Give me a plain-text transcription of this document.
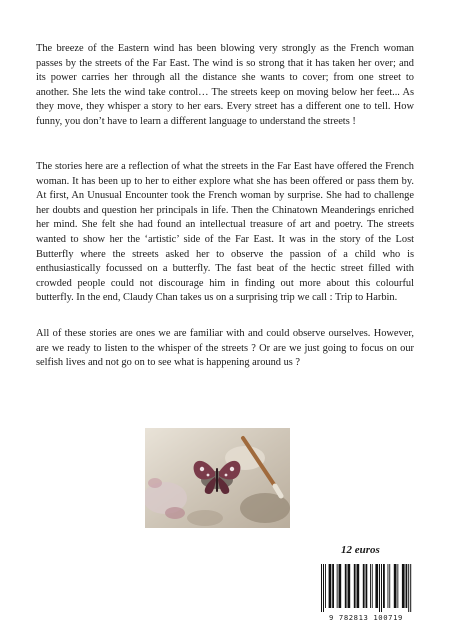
The breeze of the Eastern wind has been blowing very strongly as the French woman passes by the streets of the Far East. The wind is so strong that it has taken her over; and its power carries her through all the distance she wants to cover; from one street to another. She lets the wind take control… The streets keep on moving below her feet... As they move, they whisper a story to her ears. Every street has a different one to tell. How funny, you don’t have to learn a different language to understand the streets !

The stories here are a reflection of what the streets in the Far East have offered the French woman. It has been up to her to either explore what she has been offered or pass them by. At first, An Unusual Encounter took the French woman by surprise. She had to challenge her doubts and question her principals in life. Then the Chinatown Meanderings enriched her mind. She felt she had found an intellectual treasure of art and poetry. The streets wanted to show her the ‘artistic’ side of the Far East. It was in the story of the Lost Butterfly where the streets asked her to observe the passion of a child who is enthusiastically focussed on a butterfly. The fast beat of the hectic street filled with crowded people could not discourage him in finding out more about this colourful butterfly. In the end, Claudy Chan takes us on a surprising trip we call : Trip to Harbin.

All of these stories are ones we are familiar with and could observe ourselves. However, are we ready to listen to the whisper of the streets ? Or are we just going to focus on our selfish lives and not go on to see what is happening around us ?

12 euros
9 782813 100719
